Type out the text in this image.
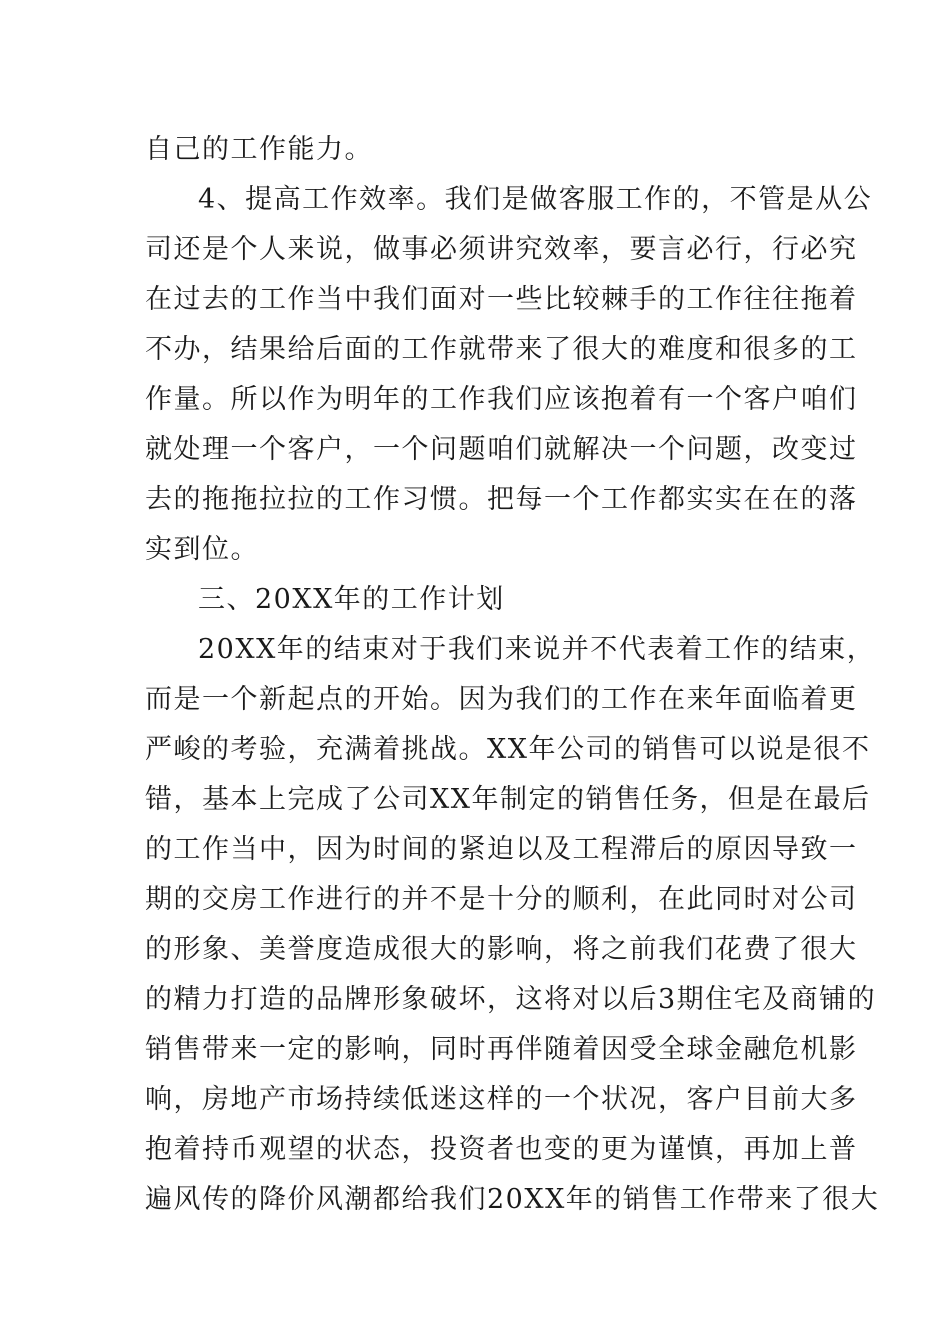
自己的工作能力。
4、提高工作效率。我们是做客服工作的，不管是从公
司还是个人来说，做事必须讲究效率，要言必行，行必究
在过去的工作当中我们面对一些比较棘手的工作往往拖着
不办，结果给后面的工作就带来了很大的难度和很多的工
作量。所以作为明年的工作我们应该抱着有一个客户咱们
就处理一个客户，一个问题咱们就解决一个问题，改变过
去的拖拖拉拉的工作习惯。把每一个工作都实实在在的落
实到位。
三、20XX年的工作计划
20XX年的结束对于我们来说并不代表着工作的结束，
而是一个新起点的开始。因为我们的工作在来年面临着更
严峻的考验，充满着挑战。XX年公司的销售可以说是很不
错，基本上完成了公司XX年制定的销售任务，但是在最后
的工作当中，因为时间的紧迫以及工程滞后的原因导致一
期的交房工作进行的并不是十分的顺利，在此同时对公司
的形象、美誉度造成很大的影响，将之前我们花费了很大
的精力打造的品牌形象破坏，这将对以后3期住宅及商铺的
销售带来一定的影响，同时再伴随着因受全球金融危机影
响，房地产市场持续低迷这样的一个状况，客户目前大多
抱着持币观望的状态，投资者也变的更为谨慎，再加上普
遍风传的降价风潮都给我们20XX年的销售工作带来了很大
